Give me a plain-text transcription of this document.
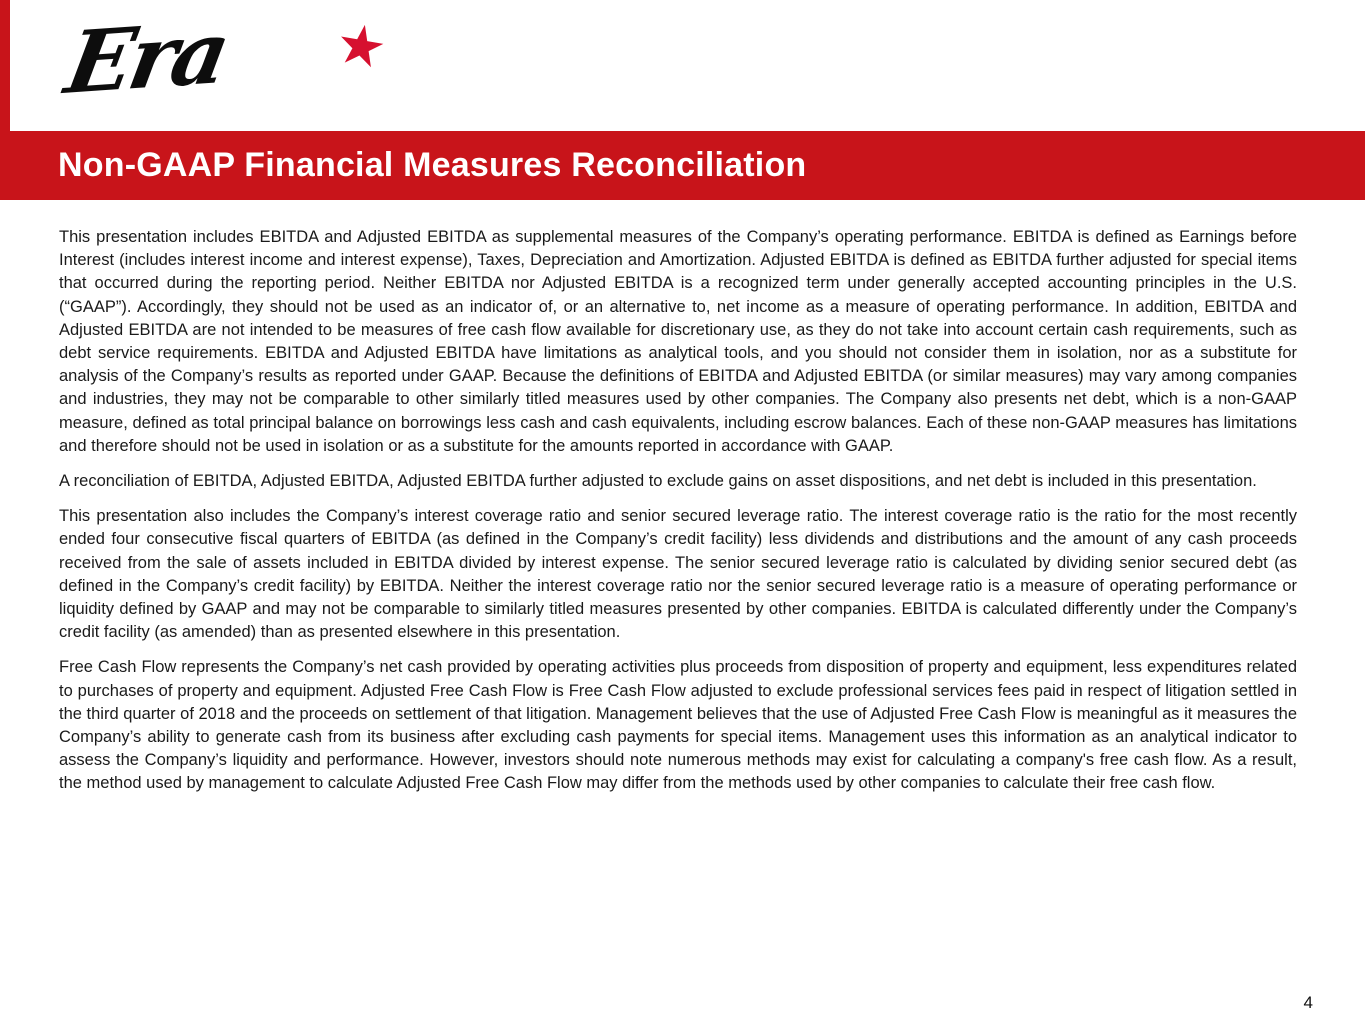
Era ★
Non-GAAP Financial Measures Reconciliation

This presentation includes EBITDA and Adjusted EBITDA as supplemental measures of the Company’s operating performance. EBITDA is defined as Earnings before Interest (includes interest income and interest expense), Taxes, Depreciation and Amortization. Adjusted EBITDA is defined as EBITDA further adjusted for special items that occurred during the reporting period. Neither EBITDA nor Adjusted EBITDA is a recognized term under generally accepted accounting principles in the U.S. (“GAAP”). Accordingly, they should not be used as an indicator of, or an alternative to, net income as a measure of operating performance. In addition, EBITDA and Adjusted EBITDA are not intended to be measures of free cash flow available for discretionary use, as they do not take into account certain cash requirements, such as debt service requirements. EBITDA and Adjusted EBITDA have limitations as analytical tools, and you should not consider them in isolation, nor as a substitute for analysis of the Company’s results as reported under GAAP. Because the definitions of EBITDA and Adjusted EBITDA (or similar measures) may vary among companies and industries, they may not be comparable to other similarly titled measures used by other companies. The Company also presents net debt, which is a non-GAAP measure, defined as total principal balance on borrowings less cash and cash equivalents, including escrow balances. Each of these non-GAAP measures has limitations and therefore should not be used in isolation or as a substitute for the amounts reported in accordance with GAAP.

A reconciliation of EBITDA, Adjusted EBITDA, Adjusted EBITDA further adjusted to exclude gains on asset dispositions, and net debt is included in this presentation.

This presentation also includes the Company’s interest coverage ratio and senior secured leverage ratio. The interest coverage ratio is the ratio for the most recently ended four consecutive fiscal quarters of EBITDA (as defined in the Company’s credit facility) less dividends and distributions and the amount of any cash proceeds received from the sale of assets included in EBITDA divided by interest expense. The senior secured leverage ratio is calculated by dividing senior secured debt (as defined in the Company’s credit facility) by EBITDA. Neither the interest coverage ratio nor the senior secured leverage ratio is a measure of operating performance or liquidity defined by GAAP and may not be comparable to similarly titled measures presented by other companies. EBITDA is calculated differently under the Company’s credit facility (as amended) than as presented elsewhere in this presentation.

Free Cash Flow represents the Company’s net cash provided by operating activities plus proceeds from disposition of property and equipment, less expenditures related to purchases of property and equipment. Adjusted Free Cash Flow is Free Cash Flow adjusted to exclude professional services fees paid in respect of litigation settled in the third quarter of 2018 and the proceeds on settlement of that litigation. Management believes that the use of Adjusted Free Cash Flow is meaningful as it measures the Company’s ability to generate cash from its business after excluding cash payments for special items. Management uses this information as an analytical indicator to assess the Company’s liquidity and performance. However, investors should note numerous methods may exist for calculating a company's free cash flow. As a result, the method used by management to calculate Adjusted Free Cash Flow may differ from the methods used by other companies to calculate their free cash flow.

4
